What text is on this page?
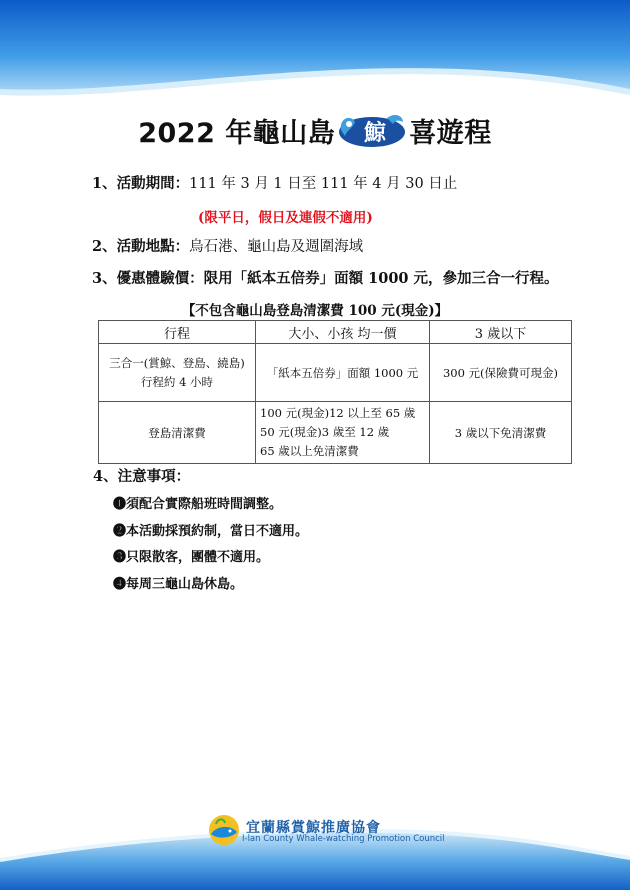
2022 年龜山島 鯨 喜遊程
1、活動期間：111 年 3 月 1 日至 111 年 4 月 30 日止
(限平日，假日及連假不適用)
2、活動地點：烏石港、龜山島及週圍海域
3、優惠體驗價：限用「紙本五倍券」面額 1000 元，參加三合一行程。
【不包含龜山島登島清潔費 100 元(現金)】
行程	大小、小孩 均一價	3 歲以下

三合一(賞鯨、登島、繞島)
行程約 4 小時	「紙本五倍券」面額 1000 元	300 元(保險費可現金)
登島清潔費	100 元(現金)12 以上至 65 歲
50 元(現金)3 歲至 12 歲
65 歲以上免清潔費	3 歲以下免清潔費
4、注意事項：
❶須配合實際船班時間調整。
❷本活動採預約制，當日不適用。
❸只限散客，團體不適用。
❹每周三龜山島休島。
宜蘭縣賞鯨推廣協會
I-lan County Whale-watching Promotion Council
